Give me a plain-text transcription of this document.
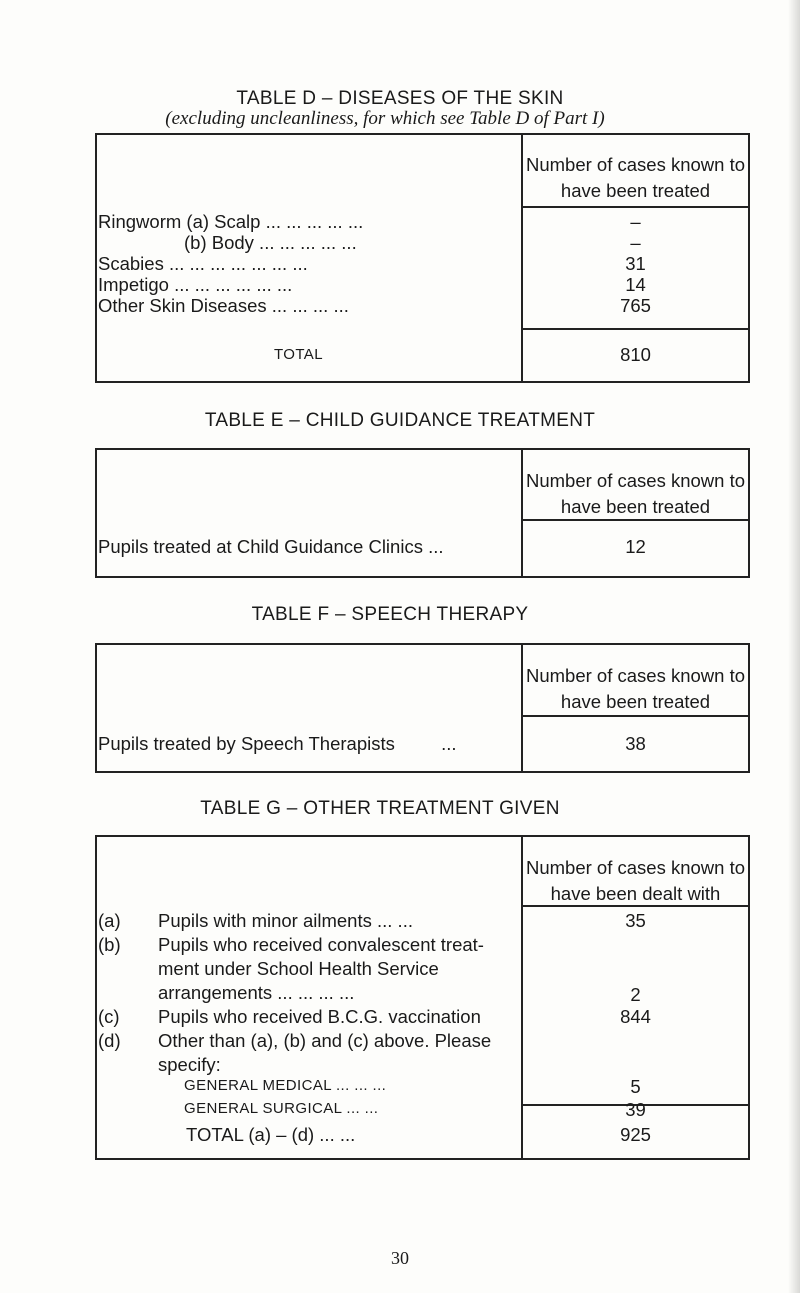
TABLE D – DISEASES OF THE SKIN
(excluding uncleanliness, for which see Table D of Part I)
Number of cases known to have been treated
Ringworm (a) Scalp ... ... ... ... ...	–
(b) Body ... ... ... ... ...	–
Scabies ... ... ... ... ... ... ...	31
Impetigo ... ... ... ... ... ...	14
Other Skin Diseases ... ... ... ...	765
TOTAL	810
TABLE E – CHILD GUIDANCE TREATMENT
Number of cases known to have been treated
Pupils treated at Child Guidance Clinics ...	12
TABLE F – SPEECH THERAPY
Number of cases known to have been treated
Pupils treated by Speech Therapists         ...	38
TABLE G – OTHER TREATMENT GIVEN
Number of cases known to have been dealt with
(a) Pupils with minor ailments ... ...	35
(b) Pupils who received convalescent treat-
ment under School Health Service
arrangements ... ... ... ...	2
(c) Pupils who received B.C.G. vaccination	844
(d) Other than (a), (b) and (c) above. Please
specify:
GENERAL MEDICAL ... ... ...	5
GENERAL SURGICAL ... ...	39
TOTAL (a) – (d) ... ...	925
30
